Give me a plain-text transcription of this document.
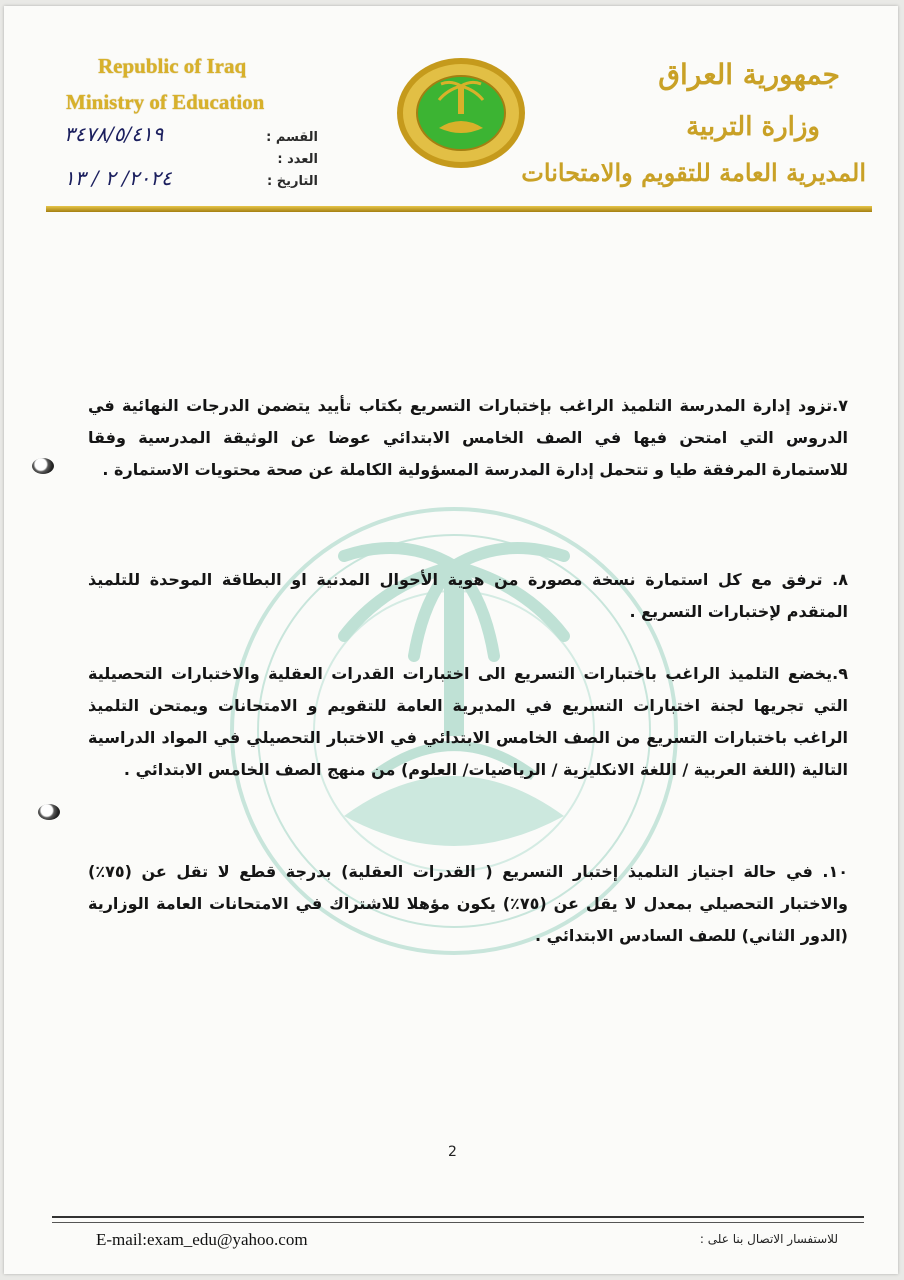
Republic of Iraq
Ministry of Education
جمهورية العراق
وزارة التربية
المديرية العامة للتقويم والامتحانات
٣٤٧٨/٥/٤١٩	القسم :
العدد :
٢٠٢٤/ ٢ / ١٣	التاريخ :
٧.تزود إدارة المدرسة التلميذ الراغب بإختبارات التسريع بكتاب تأييد يتضمن الدرجات النهائية في الدروس التي امتحن فيها في الصف الخامس الابتدائي عوضا عن الوثيقة المدرسية وفقا للاستمارة المرفقة طيا و تتحمل إدارة المدرسة المسؤولية الكاملة عن صحة محتويات الاستمارة .
٨. ترفق مع كل استمارة نسخة مصورة من هوية الأحوال المدنية او البطاقة الموحدة للتلميذ المتقدم لإختبارات التسريع .
٩.يخضع التلميذ الراغب باختبارات التسريع الى اختبارات القدرات العقلية والاختبارات التحصيلية التي تجريها لجنة اختبارات التسريع في المديرية العامة للتقويم و الامتحانات ويمتحن التلميذ الراغب باختبارات التسريع من الصف الخامس الابتدائي في الاختبار التحصيلي في المواد الدراسية التالية (اللغة العربية / اللغة الانكليزية / الرياضيات/ العلوم) من منهج الصف الخامس الابتدائي .
١٠. في حالة اجتياز التلميذ إختبار التسريع ( القدرات العقلية) بدرجة قطع لا تقل عن (٧٥٪) والاختبار التحصيلي بمعدل لا يقل عن (٧٥٪) يكون مؤهلا للاشتراك في الامتحانات العامة الوزارية (الدور الثاني) للصف السادس الابتدائي .
2
E-mail:exam_edu@yahoo.com	للاستفسار الاتصال بنا على :
